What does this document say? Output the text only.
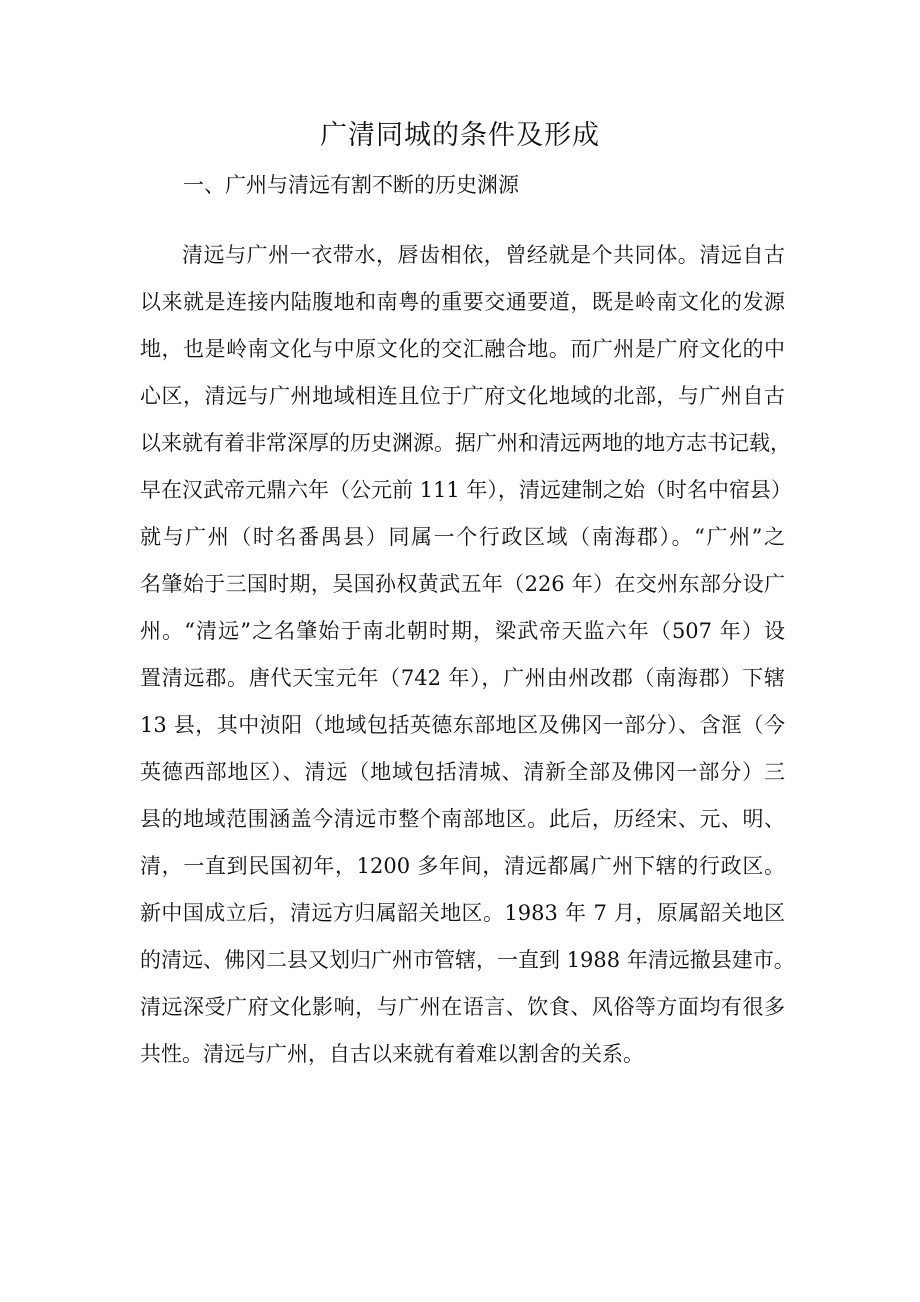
广清同城的条件及形成
一、广州与清远有割不断的历史渊源
清远与广州一衣带水，唇齿相依，曾经就是个共同体。清远自古
以来就是连接内陆腹地和南粤的重要交通要道，既是岭南文化的发源
地，也是岭南文化与中原文化的交汇融合地。而广州是广府文化的中
心区，清远与广州地域相连且位于广府文化地域的北部，与广州自古
以来就有着非常深厚的历史渊源。据广州和清远两地的地方志书记载，
早在汉武帝元鼎六年（公元前 111 年），清远建制之始（时名中宿县）
就与广州（时名番禺县）同属一个行政区域（南海郡）。“广州”之
名肇始于三国时期，吴国孙权黄武五年（226 年）在交州东部分设广
州。“清远”之名肇始于南北朝时期，梁武帝天监六年（507 年）设
置清远郡。唐代天宝元年（742 年），广州由州改郡（南海郡）下辖
13 县，其中浈阳（地域包括英德东部地区及佛冈一部分）、含洭（今
英德西部地区）、清远（地域包括清城、清新全部及佛冈一部分）三
县的地域范围涵盖今清远市整个南部地区。此后，历经宋、元、明、
清，一直到民国初年，1200 多年间，清远都属广州下辖的行政区。
新中国成立后，清远方归属韶关地区。1983 年 7 月，原属韶关地区
的清远、佛冈二县又划归广州市管辖，一直到 1988 年清远撤县建市。
清远深受广府文化影响，与广州在语言、饮食、风俗等方面均有很多
共性。清远与广州，自古以来就有着难以割舍的关系。
